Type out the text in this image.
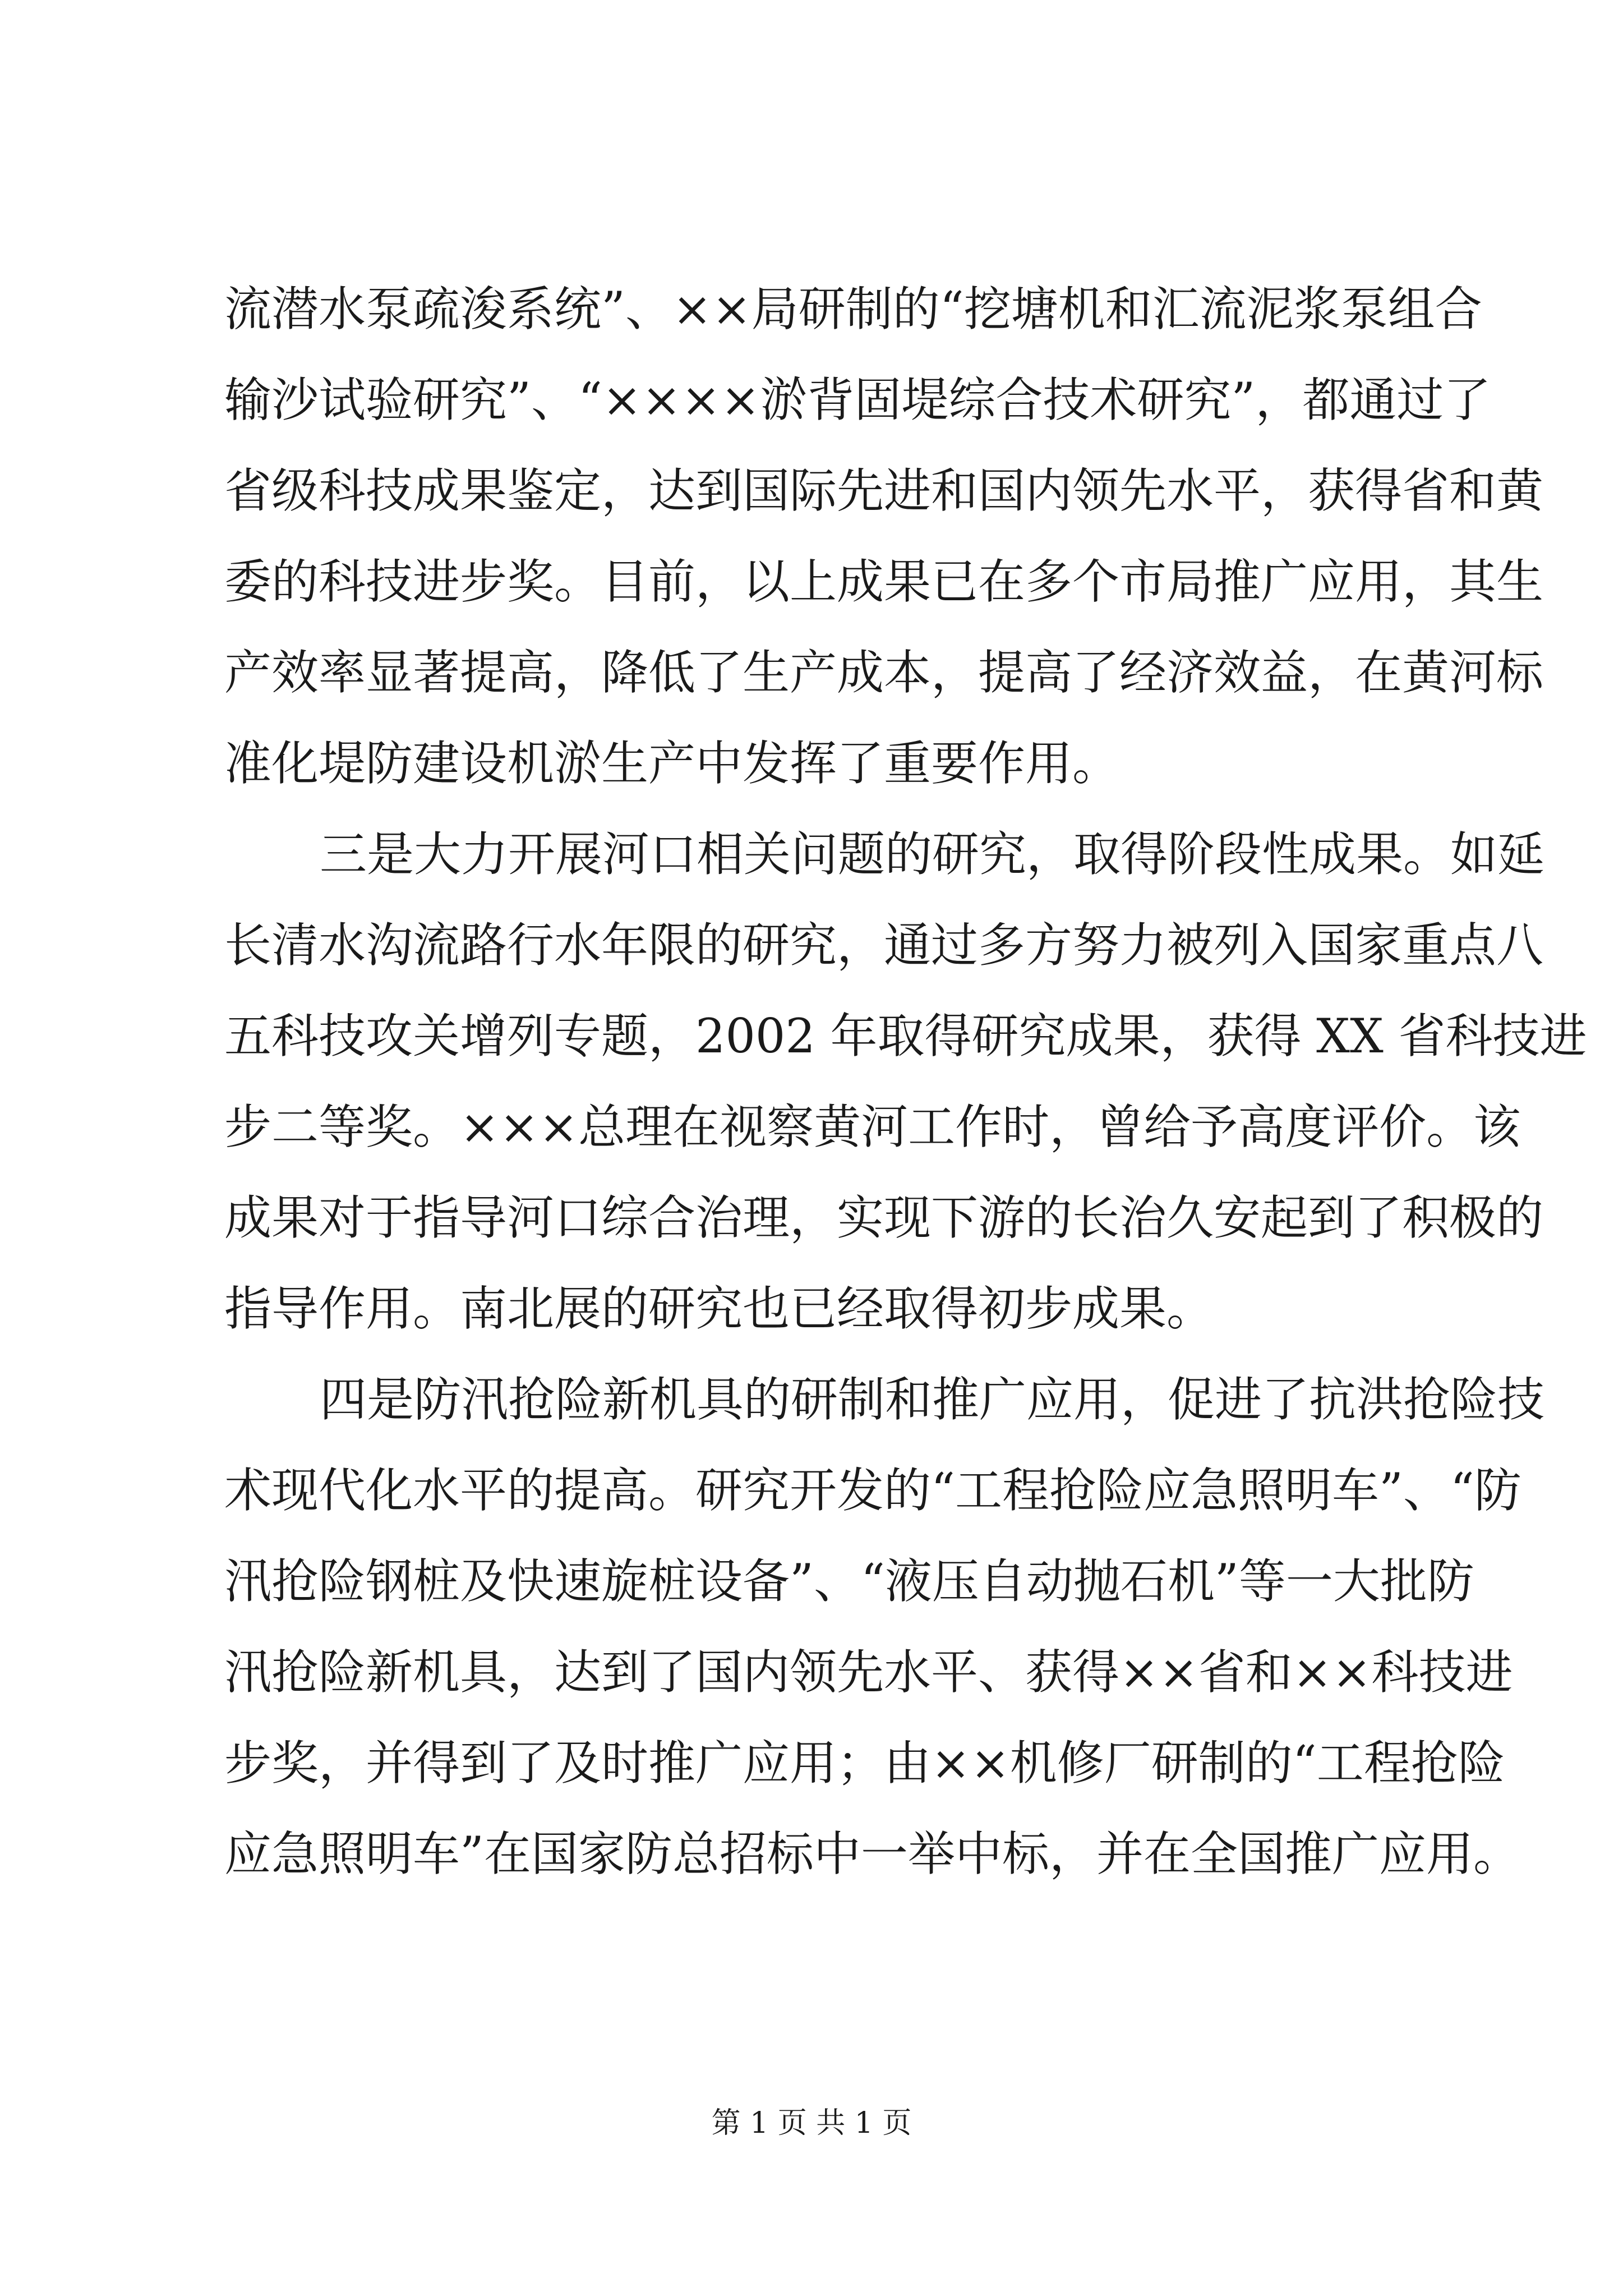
流潜水泵疏浚系统”、××局研制的“挖塘机和汇流泥浆泵组合
输沙试验研究”、“××××淤背固堤综合技术研究”，都通过了
省级科技成果鉴定，达到国际先进和国内领先水平，获得省和黄
委的科技进步奖。目前，以上成果已在多个市局推广应用，其生
产效率显著提高，降低了生产成本，提高了经济效益，在黄河标
准化堤防建设机淤生产中发挥了重要作用。
三是大力开展河口相关问题的研究，取得阶段性成果。如延
长清水沟流路行水年限的研究，通过多方努力被列入国家重点八
五科技攻关增列专题，2002 年取得研究成果，获得 XX 省科技进
步二等奖。×××总理在视察黄河工作时，曾给予高度评价。该
成果对于指导河口综合治理，实现下游的长治久安起到了积极的
指导作用。南北展的研究也已经取得初步成果。
四是防汛抢险新机具的研制和推广应用，促进了抗洪抢险技
术现代化水平的提高。研究开发的“工程抢险应急照明车”、“防
汛抢险钢桩及快速旋桩设备”、“液压自动抛石机”等一大批防
汛抢险新机具，达到了国内领先水平、获得××省和××科技进
步奖，并得到了及时推广应用；由××机修厂研制的“工程抢险
应急照明车”在国家防总招标中一举中标，并在全国推广应用。
第 1 页 共 1 页
